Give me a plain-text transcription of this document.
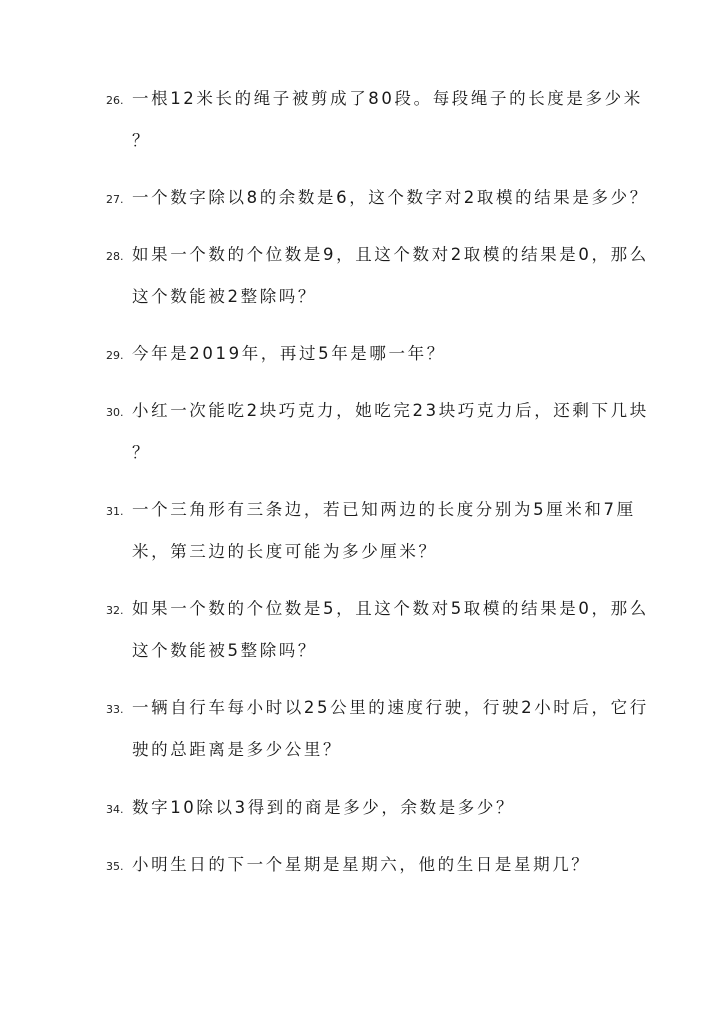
26. 一根12米长的绳子被剪成了80段。每段绳子的长度是多少米
？
27. 一个数字除以8的余数是6，这个数字对2取模的结果是多少？
28. 如果一个数的个位数是9，且这个数对2取模的结果是0，那么
这个数能被2整除吗？
29. 今年是2019年，再过5年是哪一年？
30. 小红一次能吃2块巧克力，她吃完23块巧克力后，还剩下几块
？
31. 一个三角形有三条边，若已知两边的长度分别为5厘米和7厘
米，第三边的长度可能为多少厘米？
32. 如果一个数的个位数是5，且这个数对5取模的结果是0，那么
这个数能被5整除吗？
33. 一辆自行车每小时以25公里的速度行驶，行驶2小时后，它行
驶的总距离是多少公里？
34. 数字10除以3得到的商是多少，余数是多少？
35. 小明生日的下一个星期是星期六，他的生日是星期几？
